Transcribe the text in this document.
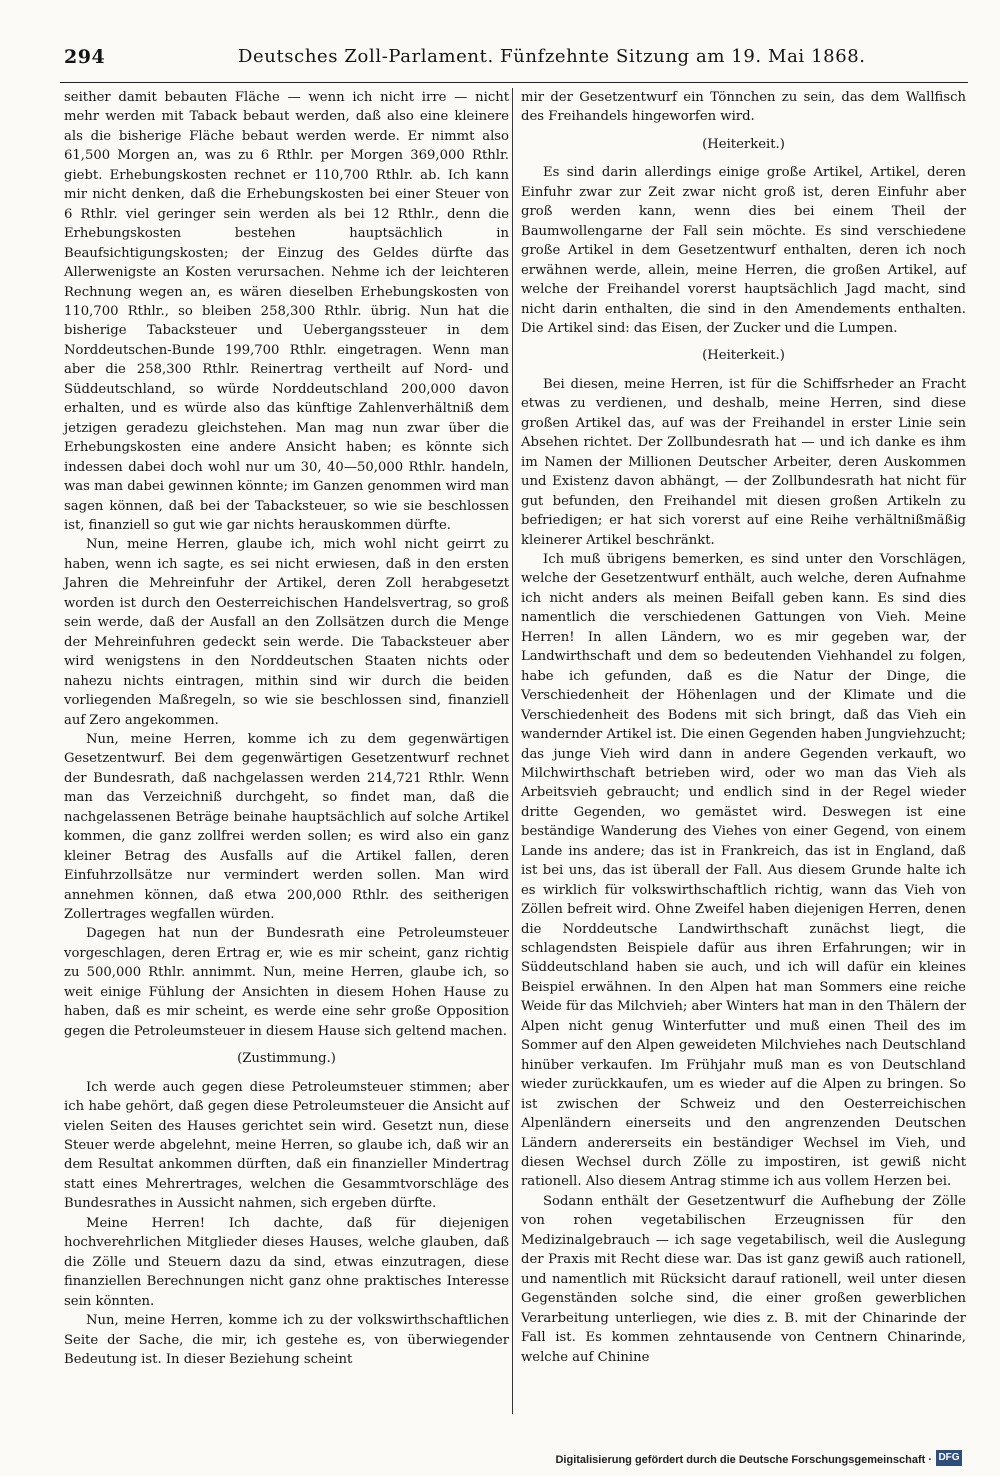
294	Deutsches Zoll-Parlament. Fünfzehnte Sitzung am 19. Mai 1868.

seither damit bebauten Fläche — wenn ich nicht irre — nicht mehr werden mit Taback bebaut werden, daß also eine kleinere als die bisherige Fläche bebaut werden werde. Er nimmt also 61,500 Morgen an, was zu 6 Rthlr. per Morgen 369,000 Rthlr. giebt. Erhebungskosten rechnet er 110,700 Rthlr. ab. Ich kann mir nicht denken, daß die Erhebungskosten bei einer Steuer von 6 Rthlr. viel geringer sein werden als bei 12 Rthlr., denn die Erhebungskosten bestehen hauptsächlich in Beaufsichtigungskosten; der Einzug des Geldes dürfte das Allerwenigste an Kosten verursachen. Nehme ich der leichteren Rechnung wegen an, es wären dieselben Erhebungskosten von 110,700 Rthlr., so bleiben 258,300 Rthlr. übrig. Nun hat die bisherige Tabacksteuer und Uebergangssteuer in dem Norddeutschen-Bunde 199,700 Rthlr. eingetragen. Wenn man aber die 258,300 Rthlr. Reinertrag vertheilt auf Nord- und Süddeutschland, so würde Norddeutschland 200,000 davon erhalten, und es würde also das künftige Zahlenverhältniß dem jetzigen geradezu gleichstehen. Man mag nun zwar über die Erhebungskosten eine andere Ansicht haben; es könnte sich indessen dabei doch wohl nur um 30, 40—50,000 Rthlr. handeln, was man dabei gewinnen könnte; im Ganzen genommen wird man sagen können, daß bei der Tabacksteuer, so wie sie beschlossen ist, finanziell so gut wie gar nichts herauskommen dürfte.

Nun, meine Herren, glaube ich, mich wohl nicht geirrt zu haben, wenn ich sagte, es sei nicht erwiesen, daß in den ersten Jahren die Mehreinfuhr der Artikel, deren Zoll herabgesetzt worden ist durch den Oesterreichischen Handelsvertrag, so groß sein werde, daß der Ausfall an den Zollsätzen durch die Menge der Mehreinfuhren gedeckt sein werde. Die Tabacksteuer aber wird wenigstens in den Norddeutschen Staaten nichts oder nahezu nichts eintragen, mithin sind wir durch die beiden vorliegenden Maßregeln, so wie sie beschlossen sind, finanziell auf Zero angekommen.

Nun, meine Herren, komme ich zu dem gegenwärtigen Gesetzentwurf. Bei dem gegenwärtigen Gesetzentwurf rechnet der Bundesrath, daß nachgelassen werden 214,721 Rthlr. Wenn man das Verzeichniß durchgeht, so findet man, daß die nachgelassenen Beträge beinahe hauptsächlich auf solche Artikel kommen, die ganz zollfrei werden sollen; es wird also ein ganz kleiner Betrag des Ausfalls auf die Artikel fallen, deren Einfuhrzollsätze nur vermindert werden sollen. Man wird annehmen können, daß etwa 200,000 Rthlr. des seitherigen Zollertrages wegfallen würden.

Dagegen hat nun der Bundesrath eine Petroleumsteuer vorgeschlagen, deren Ertrag er, wie es mir scheint, ganz richtig zu 500,000 Rthlr. annimmt. Nun, meine Herren, glaube ich, so weit einige Fühlung der Ansichten in diesem Hohen Hause zu haben, daß es mir scheint, es werde eine sehr große Opposition gegen die Petroleumsteuer in diesem Hause sich geltend machen.

(Zustimmung.)

Ich werde auch gegen diese Petroleumsteuer stimmen; aber ich habe gehört, daß gegen diese Petroleumsteuer die Ansicht auf vielen Seiten des Hauses gerichtet sein wird. Gesetzt nun, diese Steuer werde abgelehnt, meine Herren, so glaube ich, daß wir an dem Resultat ankommen dürften, daß ein finanzieller Mindertrag statt eines Mehrertrages, welchen die Gesammtvorschläge des Bundesrathes in Aussicht nahmen, sich ergeben dürfte.

Meine Herren! Ich dachte, daß für diejenigen hochverehrlichen Mitglieder dieses Hauses, welche glauben, daß die Zölle und Steuern dazu da sind, etwas einzutragen, diese finanziellen Berechnungen nicht ganz ohne praktisches Interesse sein könnten.

Nun, meine Herren, komme ich zu der volkswirthschaftlichen Seite der Sache, die mir, ich gestehe es, von überwiegender Bedeutung ist. In dieser Beziehung scheint

mir der Gesetzentwurf ein Tönnchen zu sein, das dem Wallfisch des Freihandels hingeworfen wird.

(Heiterkeit.)

Es sind darin allerdings einige große Artikel, Artikel, deren Einfuhr zwar zur Zeit zwar nicht groß ist, deren Einfuhr aber groß werden kann, wenn dies bei einem Theil der Baumwollengarne der Fall sein möchte. Es sind verschiedene große Artikel in dem Gesetzentwurf enthalten, deren ich noch erwähnen werde, allein, meine Herren, die großen Artikel, auf welche der Freihandel vorerst hauptsächlich Jagd macht, sind nicht darin enthalten, die sind in den Amendements enthalten. Die Artikel sind: das Eisen, der Zucker und die Lumpen.

(Heiterkeit.)

Bei diesen, meine Herren, ist für die Schiffsrheder an Fracht etwas zu verdienen, und deshalb, meine Herren, sind diese großen Artikel das, auf was der Freihandel in erster Linie sein Absehen richtet. Der Zollbundesrath hat — und ich danke es ihm im Namen der Millionen Deutscher Arbeiter, deren Auskommen und Existenz davon abhängt, — der Zollbundesrath hat nicht für gut befunden, den Freihandel mit diesen großen Artikeln zu befriedigen; er hat sich vorerst auf eine Reihe verhältnißmäßig kleinerer Artikel beschränkt.

Ich muß übrigens bemerken, es sind unter den Vorschlägen, welche der Gesetzentwurf enthält, auch welche, deren Aufnahme ich nicht anders als meinen Beifall geben kann. Es sind dies namentlich die verschiedenen Gattungen von Vieh. Meine Herren! In allen Ländern, wo es mir gegeben war, der Landwirthschaft und dem so bedeutenden Viehhandel zu folgen, habe ich gefunden, daß es die Natur der Dinge, die Verschiedenheit der Höhenlagen und der Klimate und die Verschiedenheit des Bodens mit sich bringt, daß das Vieh ein wandernder Artikel ist. Die einen Gegenden haben Jungviehzucht; das junge Vieh wird dann in andere Gegenden verkauft, wo Milchwirthschaft betrieben wird, oder wo man das Vieh als Arbeitsvieh gebraucht; und endlich sind in der Regel wieder dritte Gegenden, wo gemästet wird. Deswegen ist eine beständige Wanderung des Viehes von einer Gegend, von einem Lande ins andere; das ist in Frankreich, das ist in England, daß ist bei uns, das ist überall der Fall. Aus diesem Grunde halte ich es wirklich für volkswirthschaftlich richtig, wann das Vieh von Zöllen befreit wird. Ohne Zweifel haben diejenigen Herren, denen die Norddeutsche Landwirthschaft zunächst liegt, die schlagendsten Beispiele dafür aus ihren Erfahrungen; wir in Süddeutschland haben sie auch, und ich will dafür ein kleines Beispiel erwähnen. In den Alpen hat man Sommers eine reiche Weide für das Milchvieh; aber Winters hat man in den Thälern der Alpen nicht genug Winterfutter und muß einen Theil des im Sommer auf den Alpen geweideten Milchviehes nach Deutschland hinüber verkaufen. Im Frühjahr muß man es von Deutschland wieder zurückkaufen, um es wieder auf die Alpen zu bringen. So ist zwischen der Schweiz und den Oesterreichischen Alpenländern einerseits und den angrenzenden Deutschen Ländern andererseits ein beständiger Wechsel im Vieh, und diesen Wechsel durch Zölle zu impostiren, ist gewiß nicht rationell. Also diesem Antrag stimme ich aus vollem Herzen bei.

Sodann enthält der Gesetzentwurf die Aufhebung der Zölle von rohen vegetabilischen Erzeugnissen für den Medizinalgebrauch — ich sage vegetabilisch, weil die Auslegung der Praxis mit Recht diese war. Das ist ganz gewiß auch rationell, und namentlich mit Rücksicht darauf rationell, weil unter diesen Gegenständen solche sind, die einer großen gewerblichen Verarbeitung unterliegen, wie dies z. B. mit der Chinarinde der Fall ist. Es kommen zehntausende von Centnern Chinarinde, welche auf Chinine

Digitalisierung gefördert durch die Deutsche Forschungsgemeinschaft · DFG
